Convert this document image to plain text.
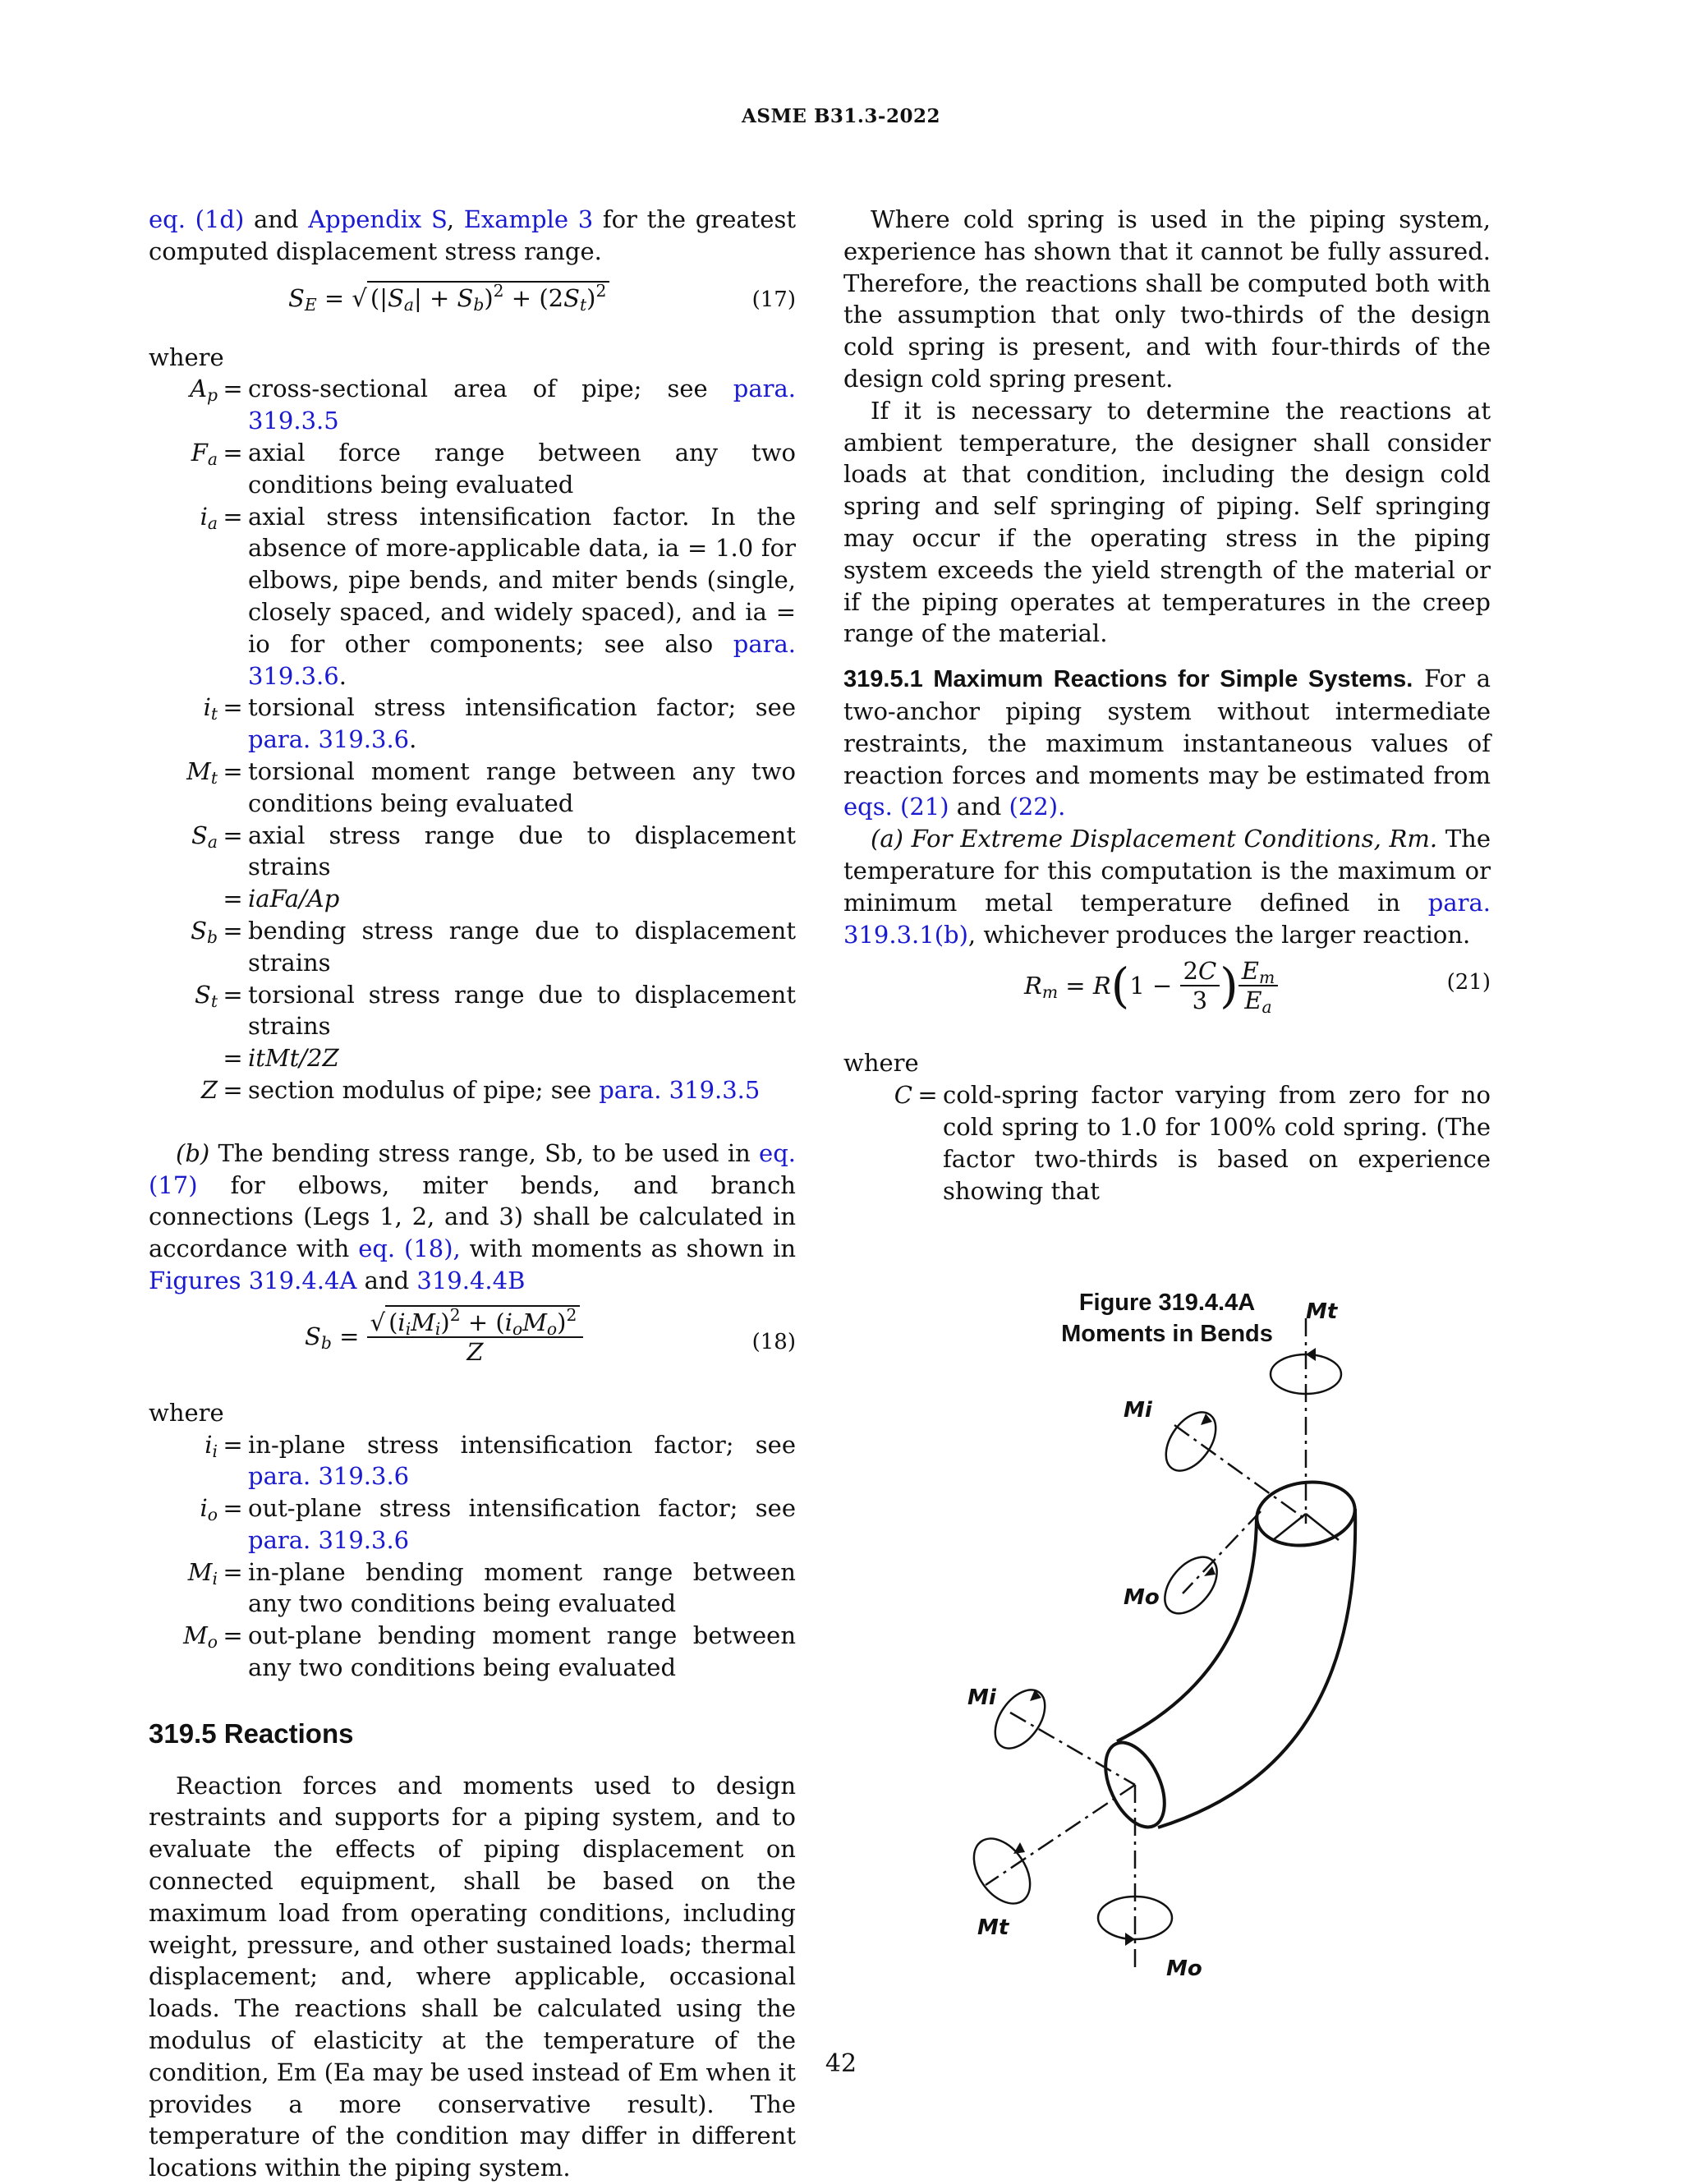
ASME B31.3-2022

eq. (1d) and Appendix S, Example 3 for the greatest computed displacement stress range.

$S_E$ = √ $(|S_a| + S_b)^2 + (2S_t)^2$	(17)

where

$A_p$ = cross-sectional area of pipe; see para. 319.3.5
$F_a$ = axial force range between any two conditions being evaluated
$i_a$ = axial stress intensification factor. In the absence of more-applicable data, ia = 1.0 for elbows, pipe bends, and miter bends (single, closely spaced, and widely spaced), and ia = io for other components; see also para. 319.3.6.
$i_t$ = torsional stress intensification factor; see para. 319.3.6.
$M_t$ = torsional moment range between any two conditions being evaluated
$S_a$ = axial stress range due to displacement strains
= iaFa/Ap
$S_b$ = bending stress range due to displacement strains
$S_t$ = torsional stress range due to displacement strains
= itMt/2Z
Z = section modulus of pipe; see para. 319.3.5

(b) The bending stress range, Sb, to be used in eq. (17) for elbows, miter bends, and branch connections (Legs 1, 2, and 3) shall be calculated in accordance with eq. (18), with moments as shown in Figures 319.4.4A and 319.4.4B

$S_b = \frac{√ (i_iM_i)^2 + (i_oM_o)^2}{Z}$	(18)

where

$i_i$ = in-plane stress intensification factor; see para. 319.3.6
$i_o$ = out-plane stress intensification factor; see para. 319.3.6
$M_i$ = in-plane bending moment range between any two conditions being evaluated
$M_o$ = out-plane bending moment range between any two conditions being evaluated
319.5 Reactions

Reaction forces and moments used to design restraints and supports for a piping system, and to evaluate the effects of piping displacement on connected equipment, shall be based on the maximum load from operating conditions, including weight, pressure, and other sustained loads; thermal displacement; and, where applicable, occasional loads. The reactions shall be calculated using the modulus of elasticity at the temperature of the condition, Em (Ea may be used instead of Em when it provides a more conservative result). The temperature of the condition may differ in different locations within the piping system.

Where cold spring is used in the piping system, experience has shown that it cannot be fully assured. Therefore, the reactions shall be computed both with the assumption that only two-thirds of the design cold spring is present, and with four-thirds of the design cold spring present.

If it is necessary to determine the reactions at ambient temperature, the designer shall consider loads at that condition, including the design cold spring and self springing of piping. Self springing may occur if the operating stress in the piping system exceeds the yield strength of the material or if the piping operates at temperatures in the creep range of the material.

319.5.1 Maximum Reactions for Simple Systems. For a two-anchor piping system without intermediate restraints, the maximum instantaneous values of reaction forces and moments may be estimated from eqs. (21) and (22).

(a) For Extreme Displacement Conditions, Rm. The temperature for this computation is the maximum or minimum metal temperature defined in para. 319.3.1(b), whichever produces the larger reaction.

$R_m = R$ ( $1 - \frac{2C}{3}$ ) $\frac{E_m}{E_a}$	(21)

where

C = cold-spring factor varying from zero for no cold spring to 1.0 for 100% cold spring. (The factor two-thirds is based on experience showing that
Figure 319.4.4A
Moments in Bends
Mt
Mi
Mo
Mi
Mt
Mo
42
